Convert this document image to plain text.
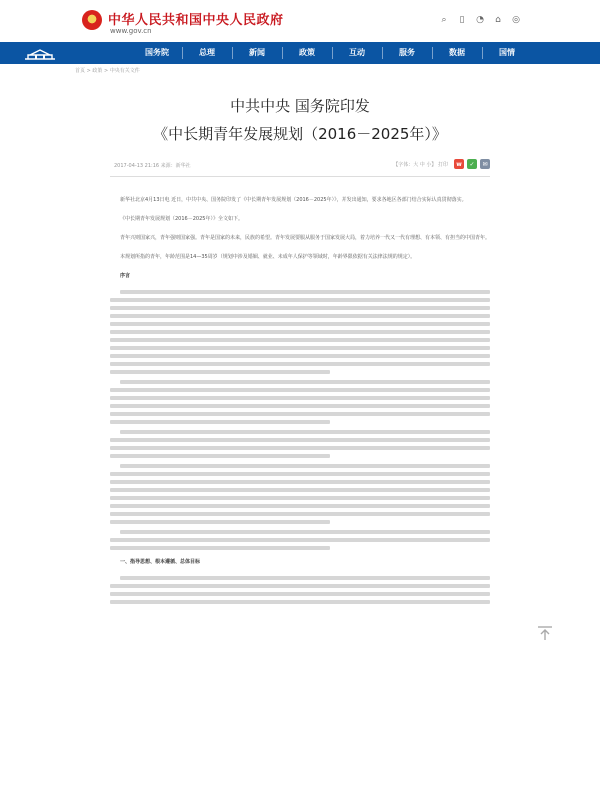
中华人民共和国中央人民政府
www.gov.cn
⌕	▯	◔	⌂	◎
国务院	总理	新闻	政策	互动	服务	数据	国情
首页 > 政策 > 中央有关文件
中共中央 国务院印发
《中长期青年发展规划（2016－2025年）》
2017-04-13 21:16 来源：新华社	【字体：大 中 小】 打印	w	✓	✉

新华社北京4月13日电 近日，中共中央、国务院印发了《中长期青年发展规划（2016－2025年）》，并发出通知，要求各地区各部门结合实际认真贯彻落实。

《中长期青年发展规划（2016－2025年）》全文如下。

青年兴则国家兴，青年强则国家强。青年是国家的未来，民族的希望。青年发展要服从服务于国家发展大局，着力培养一代又一代有理想、有本领、有担当的中国青年。

本规划所指的青年，年龄范围是14—35周岁（规划中涉及婚姻、就业、未成年人保护等领域时，年龄界限依据有关法律法规的规定）。

序言

一、指导思想、根本遵循、总体目标
